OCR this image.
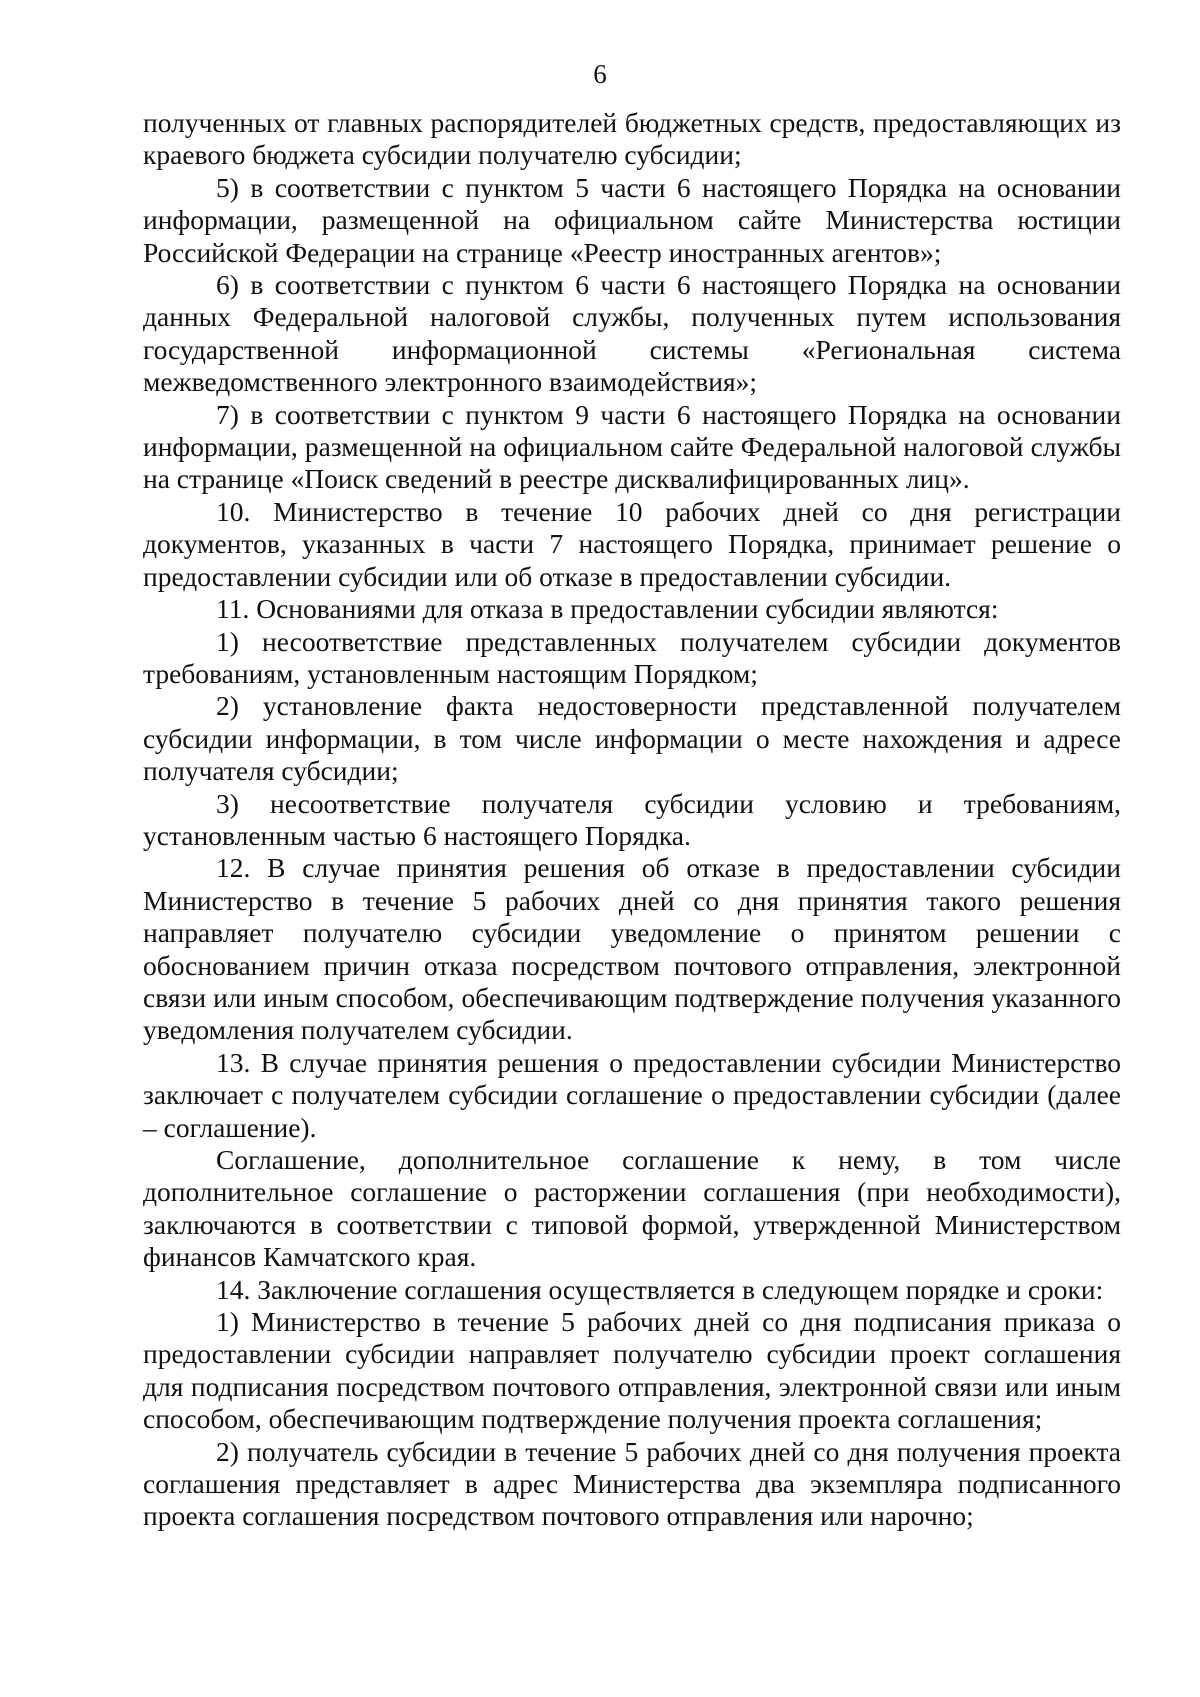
6

полученных от главных распорядителей бюджетных средств, предоставляющих из краевого бюджета субсидии получателю субсидии;

5) в соответствии с пунктом 5 части 6 настоящего Порядка на основании информации, размещенной на официальном сайте Министерства юстиции Российской Федерации на странице «Реестр иностранных агентов»;

6) в соответствии с пунктом 6 части 6 настоящего Порядка на основании данных Федеральной налоговой службы, полученных путем использования государственной информационной системы «Региональная система межведомственного электронного взаимодействия»;

7) в соответствии с пунктом 9 части 6 настоящего Порядка на основании информации, размещенной на официальном сайте Федеральной налоговой службы на странице «Поиск сведений в реестре дисквалифицированных лиц».

10. Министерство в течение 10 рабочих дней со дня регистрации документов, указанных в части 7 настоящего Порядка, принимает решение о предоставлении субсидии или об отказе в предоставлении субсидии.

11. Основаниями для отказа в предоставлении субсидии являются:

1) несоответствие представленных получателем субсидии документов требованиям, установленным настоящим Порядком;

2) установление факта недостоверности представленной получателем субсидии информации, в том числе информации о месте нахождения и адресе получателя субсидии;

3) несоответствие получателя субсидии условию и требованиям, установленным частью 6 настоящего Порядка.

12. В случае принятия решения об отказе в предоставлении субсидии Министерство в течение 5 рабочих дней со дня принятия такого решения направляет получателю субсидии уведомление о принятом решении с обоснованием причин отказа посредством почтового отправления, электронной связи или иным способом, обеспечивающим подтверждение получения указанного уведомления получателем субсидии.

13. В случае принятия решения о предоставлении субсидии Министерство заключает с получателем субсидии соглашение о предоставлении субсидии (далее – соглашение).

Соглашение, дополнительное соглашение к нему, в том числе дополнительное соглашение о расторжении соглашения (при необходимости), заключаются в соответствии с типовой формой, утвержденной Министерством финансов Камчатского края.

14. Заключение соглашения осуществляется в следующем порядке и сроки:

1) Министерство в течение 5 рабочих дней со дня подписания приказа о предоставлении субсидии направляет получателю субсидии проект соглашения для подписания посредством почтового отправления, электронной связи или иным способом, обеспечивающим подтверждение получения проекта соглашения;

2) получатель субсидии в течение 5 рабочих дней со дня получения проекта соглашения представляет в адрес Министерства два экземпляра подписанного проекта соглашения посредством почтового отправления или нарочно;
